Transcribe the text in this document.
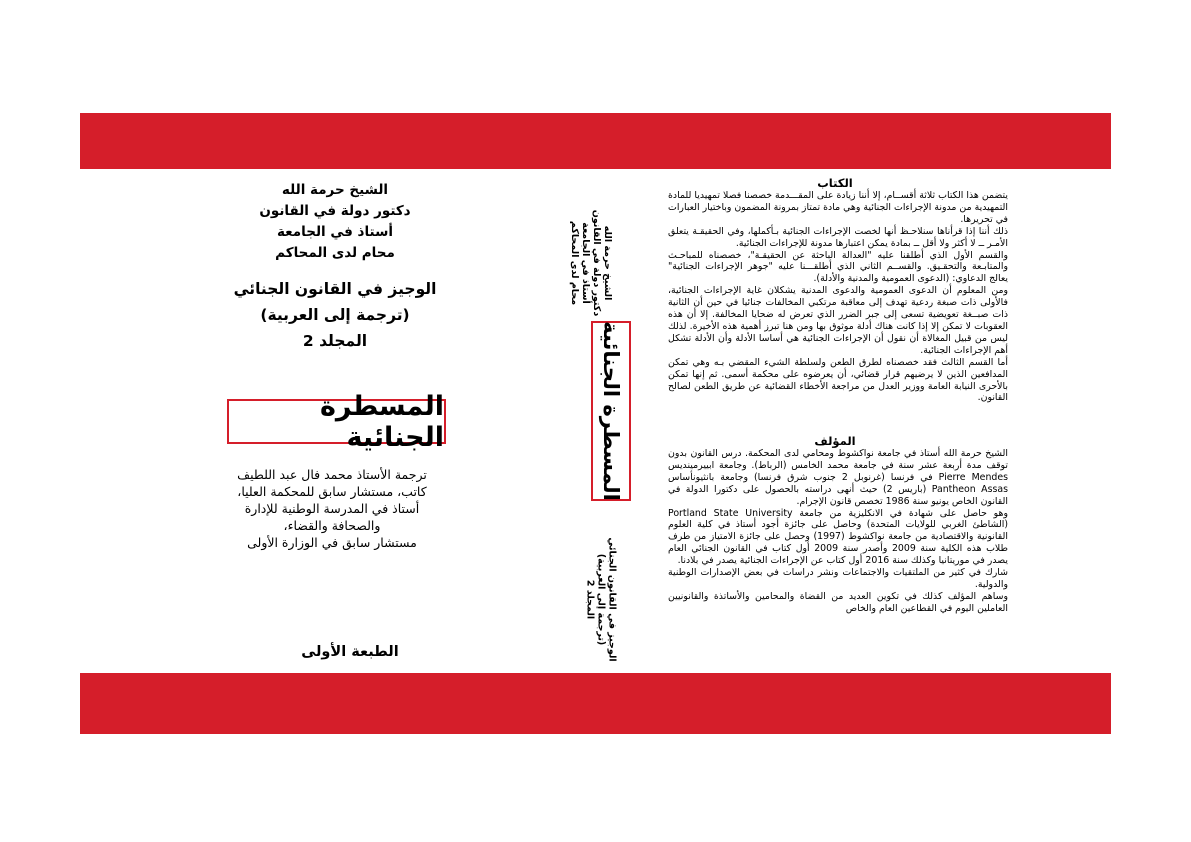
الشيخ حرمة الله
دكتور دولة في القانون
أستاذ في الجامعة
محام لدى المحاكم
الوجيز في القانون الجنائي
(ترجمة إلى العربية)
المجلد 2
المسطرة الجنائية
ترجمة الأستاذ محمد فال عبد اللطيف
كاتب، مستشار سابق للمحكمة العليا،
أستاذ في المدرسة الوطنية للإدارة والصحافة والقضاء،
مستشار سابق في الوزارة الأولى
الطبعة الأولى
الشيخ حرمة الله
دكتور دولة في القانون
أستاذ في الجامعة
محام لدى المحاكم
المسطرة الجنائية
الوجيز في القانون الجنائي
(ترجمة إلى العربية)
المجلد 2
الكتاب

يتضمن هذا الكتاب ثلاثة أقســام، إلا أننا زيادة على المقـــدمة خصصنا فصلا تمهيديا للمادة التمهيدية من مدونة الإجراءات الجنائية وهي مادة تمتاز بمرونة المضمون وباختيار العبارات في تحريرها.

ذلك أننا إذا قرأناها سنلاحـظ أنها لخصت الإجراءات الجنائية بـأكملها، وفي الحقيقـة يتعلق الأمـر ــ لا أكثر ولا أقل ــ بمادة يمكن اعتبارها مدونة للإجراءات الجنائية.

والقسم الأول الذي أطلقنا عليه "العدالة الباحثة عن الحقيقـة"، خصصناه للمباحـث والمتابـعة والتحقـيق. والقســم الثاني الذي أطلقـــنا عليه "جوهر الإجراءات الجنائية" يعالج الدعاوي: (الدعوى العمومية والمدنية والأدلة).

ومن المعلوم أن الدعوى العمومية والدعوى المدنية يشكلان غاية الإجراءات الجنائية، فالأولى ذات صبغة ردعية تهدف إلى معاقبة مرتكبي المخالفات جنائيا في حين أن الثانية ذات صبــغة تعويضية تسعى إلى جبر الضرر الذي تعرض له ضحايا المخالفة. إلا أن هذه العقوبات لا تمكن إلا إذا كانت هناك أدلة موثوق بها ومن هنا تبرز أهمية هذه الأخيرة. لذلك ليس من قبيل المغالاة أن نقول أن الإجراءات الجنائية هي أساسا الأدلة وأن الأدلة تشكل أهم الإجراءات الجنائية.

أما القسم الثالث فقد خصصناه لطرق الطعن ولسلطة الشيء المقضي بـه وهي تمكن المدافعين الذين لا يرضيهم قرار قضائي، أن يعرضوه على محكمة أسمى. ثم إنها تمكن بالأحرى النيابة العامة ووزير العدل من مراجعة الأخطاء القضائية عن طريق الطعن لصالح القانون.

المؤلف

الشيخ حرمة الله أستاذ في جامعة نواكشوط ومحامي لدى المحكمة. درس القانون بدون توقف مدة أربعة عشر سنة في جامعة محمد الخامس (الرباط). وجامعة ابييرمينديس Pierre Mendes في فرنسا (غرنوبل 2 جنوب شرق فرنسا) وجامعة بانثيونأساس Pantheon Assas (باريس 2) حيث أنهى دراسته بالحصول على دكتورا الدولة في القانون الخاص يونيو سنة 1986 تخصص قانون الإجرام.

وهو حاصل على شهادة في الانكليزية من جامعة Portland State University (الشاطئ الغربي للولايات المتحدة) وحاصل على جائزة أجود أستاذ في كلية العلوم القانونية والاقتصادية من جامعة نواكشوط (1997) وحصل على جائزة الامتياز من طرف طلاب هذه الكلية سنة 2009 وأصدر سنة 2009 أول كتاب في القانون الجنائي العام يصدر في موريتانيا وكذلك سنة 2016 أول كتاب عن الإجراءات الجنائية يصدر في بلادنا.

شارك في كثير من الملتقيات والاجتماعات ونشر دراسات في بعض الإصدارات الوطنية والدولية.

وساهم المؤلف كذلك في تكوين العديد من القضاة والمحامين والأساتذة والقانونيين العاملين اليوم في القطاعين العام والخاص
